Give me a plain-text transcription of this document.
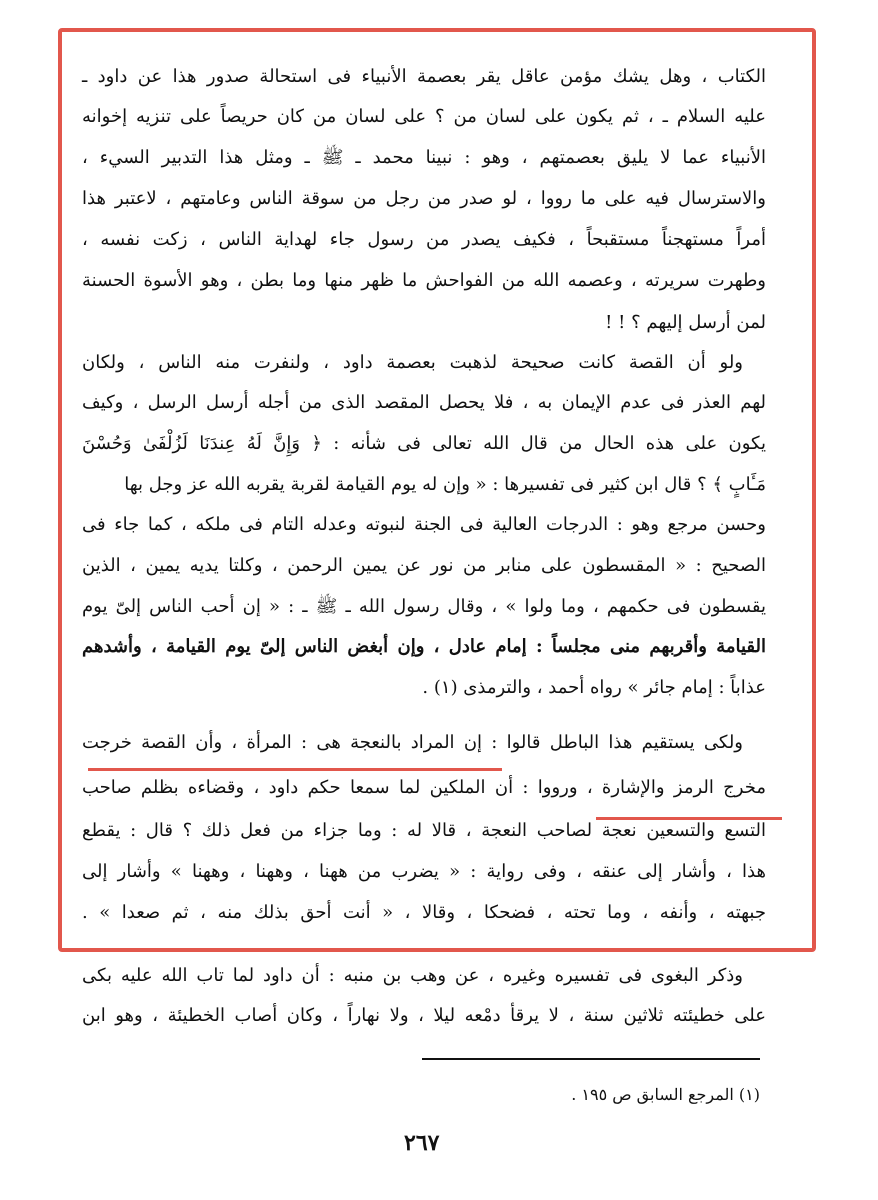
الكتاب ، وهل يشك مؤمن عاقل يقر بعصمة الأنبياء فى استحالة صدور هذا عن داود ـ
عليه السلام ـ ، ثم يكون على لسان من ؟ على لسان من كان حريصاً على تنزيه إخوانه
الأنبياء عما لا يليق بعصمتهم ، وهو : نبينا محمد ـ ﷺ ـ ومثل هذا التدبير السيء ،
والاسترسال فيه على ما رووا ، لو صدر من رجل من سوقة الناس وعامتهم ، لاعتبر هذا
أمراً مستهجناً مستقبحاً ، فكيف يصدر من رسول جاء لهداية الناس ، زكت نفسه ،
وطهرت سريرته ، وعصمه الله من الفواحش ما ظهر منها وما بطن ، وهو الأسوة الحسنة
لمن أرسل إليهم ؟ ! !
ولو أن القصة كانت صحيحة لذهبت بعصمة داود ، ولنفرت منه الناس ، ولكان
لهم العذر فى عدم الإيمان به ، فلا يحصل المقصد الذى من أجله أرسل الرسل ، وكيف
يكون على هذه الحال من قال الله تعالى فى شأنه : ﴿ وَإِنَّ لَهُ عِندَنَا لَزُلْفَىٰ وَحُسْنَ
مَـَٔابٍ ﴾ ؟ قال ابن كثير فى تفسيرها : « وإن له يوم القيامة لقربة يقربه الله عز وجل بها
وحسن مرجع وهو : الدرجات العالية فى الجنة لنبوته وعدله التام فى ملكه ، كما جاء فى
الصحيح : « المقسطون على منابر من نور عن يمين الرحمن ، وكلتا يديه يمين ، الذين
يقسطون فى حكمهم ، وما ولوا » ، وقال رسول الله ـ ﷺ ـ : « إن أحب الناس إلىّ يوم
القيامة وأقربهم منى مجلساً : إمام عادل ، وإن أبغض الناس إلىّ يوم القيامة ، وأشدهم
عذاباً : إمام جائر » رواه أحمد ، والترمذى (١) .
ولكى يستقيم هذا الباطل قالوا : إن المراد بالنعجة هى : المرأة ، وأن القصة خرجت
مخرج الرمز والإشارة ، ورووا : أن الملكين لما سمعا حكم داود ، وقضاءه بظلم صاحب
التسع والتسعين نعجة لصاحب النعجة ، قالا له : وما جزاء من فعل ذلك ؟ قال : يقطع
هذا ، وأشار إلى عنقه ، وفى رواية : « يضرب من ههنا ، وههنا ، وههنا » وأشار إلى
جبهته ، وأنفه ، وما تحته ، فضحكا ، وقالا ، « أنت أحق بذلك منه ، ثم صعدا » .
وذكر البغوى فى تفسيره وغيره ، عن وهب بن منبه : أن داود لما تاب الله عليه بكى
على خطيئته ثلاثين سنة ، لا يرقأ دمْعه ليلا ، ولا نهاراً ، وكان أصاب الخطيئة ، وهو ابن
(١) المرجع السابق ص ١٩٥ .
٢٦٧
